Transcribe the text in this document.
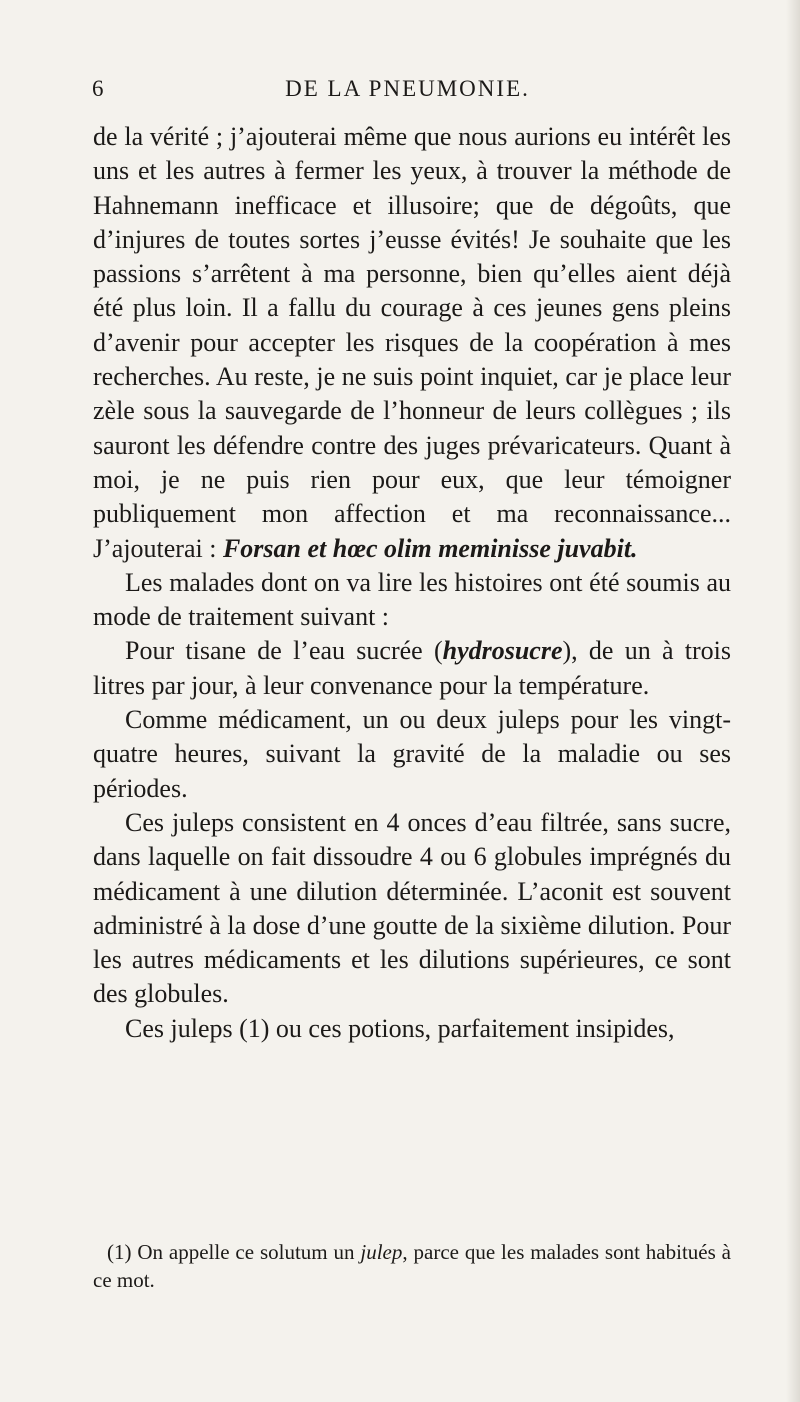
6	DE LA PNEUMONIE.

de la vérité ; j’ajouterai même que nous aurions eu intérêt les uns et les autres à fermer les yeux, à trouver la méthode de Hahnemann inefficace et illusoire; que de dégoûts, que d’injures de toutes sortes j’eusse évités! Je souhaite que les passions s’arrêtent à ma personne, bien qu’elles aient déjà été plus loin. Il a fallu du courage à ces jeunes gens pleins d’avenir pour accepter les risques de la coopération à mes recherches. Au reste, je ne suis point inquiet, car je place leur zèle sous la sauvegarde de l’honneur de leurs collègues ; ils sauront les défendre contre des juges prévaricateurs. Quant à moi, je ne puis rien pour eux, que leur témoigner publiquement mon affection et ma reconnaissance... J’ajouterai : Forsan et hœc olim meminisse juvabit.

Les malades dont on va lire les histoires ont été soumis au mode de traitement suivant :

Pour tisane de l’eau sucrée (hydrosucre), de un à trois litres par jour, à leur convenance pour la température.

Comme médicament, un ou deux juleps pour les vingt-quatre heures, suivant la gravité de la maladie ou ses périodes.

Ces juleps consistent en 4 onces d’eau filtrée, sans sucre, dans laquelle on fait dissoudre 4 ou 6 globules imprégnés du médicament à une dilution déterminée. L’aconit est souvent administré à la dose d’une goutte de la sixième dilution. Pour les autres médicaments et les dilutions supérieures, ce sont des globules.

Ces juleps (1) ou ces potions, parfaitement insipides,

(1) On appelle ce solutum un julep, parce que les malades sont habitués à ce mot.
